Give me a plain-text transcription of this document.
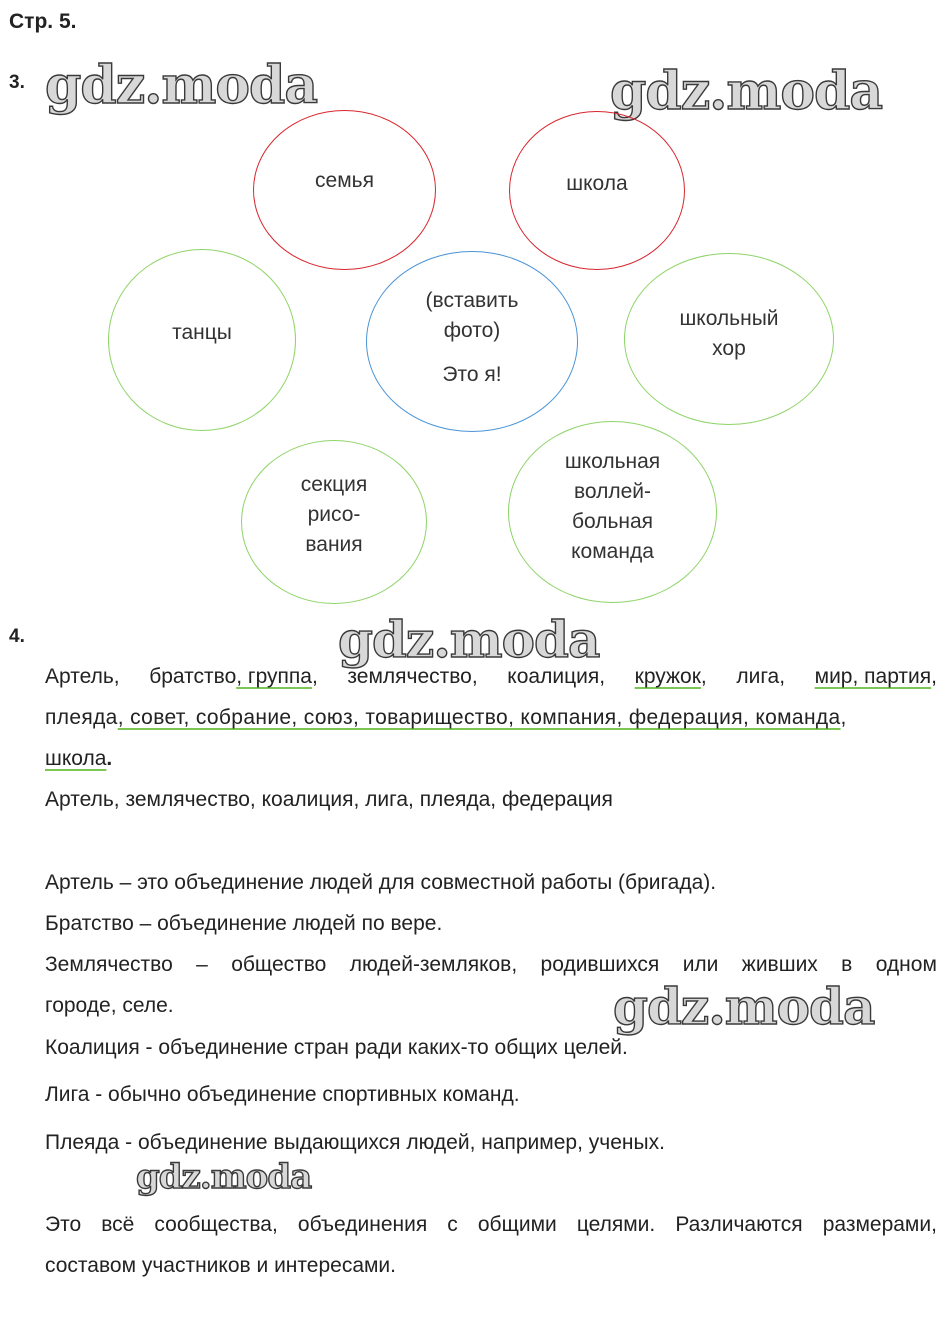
Стр. 5.
3. gdz.moda	gdz.moda
семья	школа
танцы
(вставить
фото)
Это я!
школьный
хор
секция
рисо-
вания
школьная
воллей-
больная
команда
4.	gdz.moda
Артель, братство, группа, землячество, коалиция, кружок, лига, мир, партия,
плеяда, совет, собрание, союз, товарищество, компания, федерация, команда,
школа.
Артель, землячество, коалиция, лига, плеяда, федерация
Артель – это объединение людей для совместной работы (бригада).
Братство – объединение людей по вере.
Землячество – общество людей-земляков, родившихся или живших в одном
городе, селе.	gdz.moda
Коалиция - объединение стран ради каких-то общих целей.
Лига - обычно объединение спортивных команд.
Плеяда - объединение выдающихся людей, например, ученых.
gdz.moda
Это всё сообщества, объединения с общими целями. Различаются размерами,
составом участников и интересами.
